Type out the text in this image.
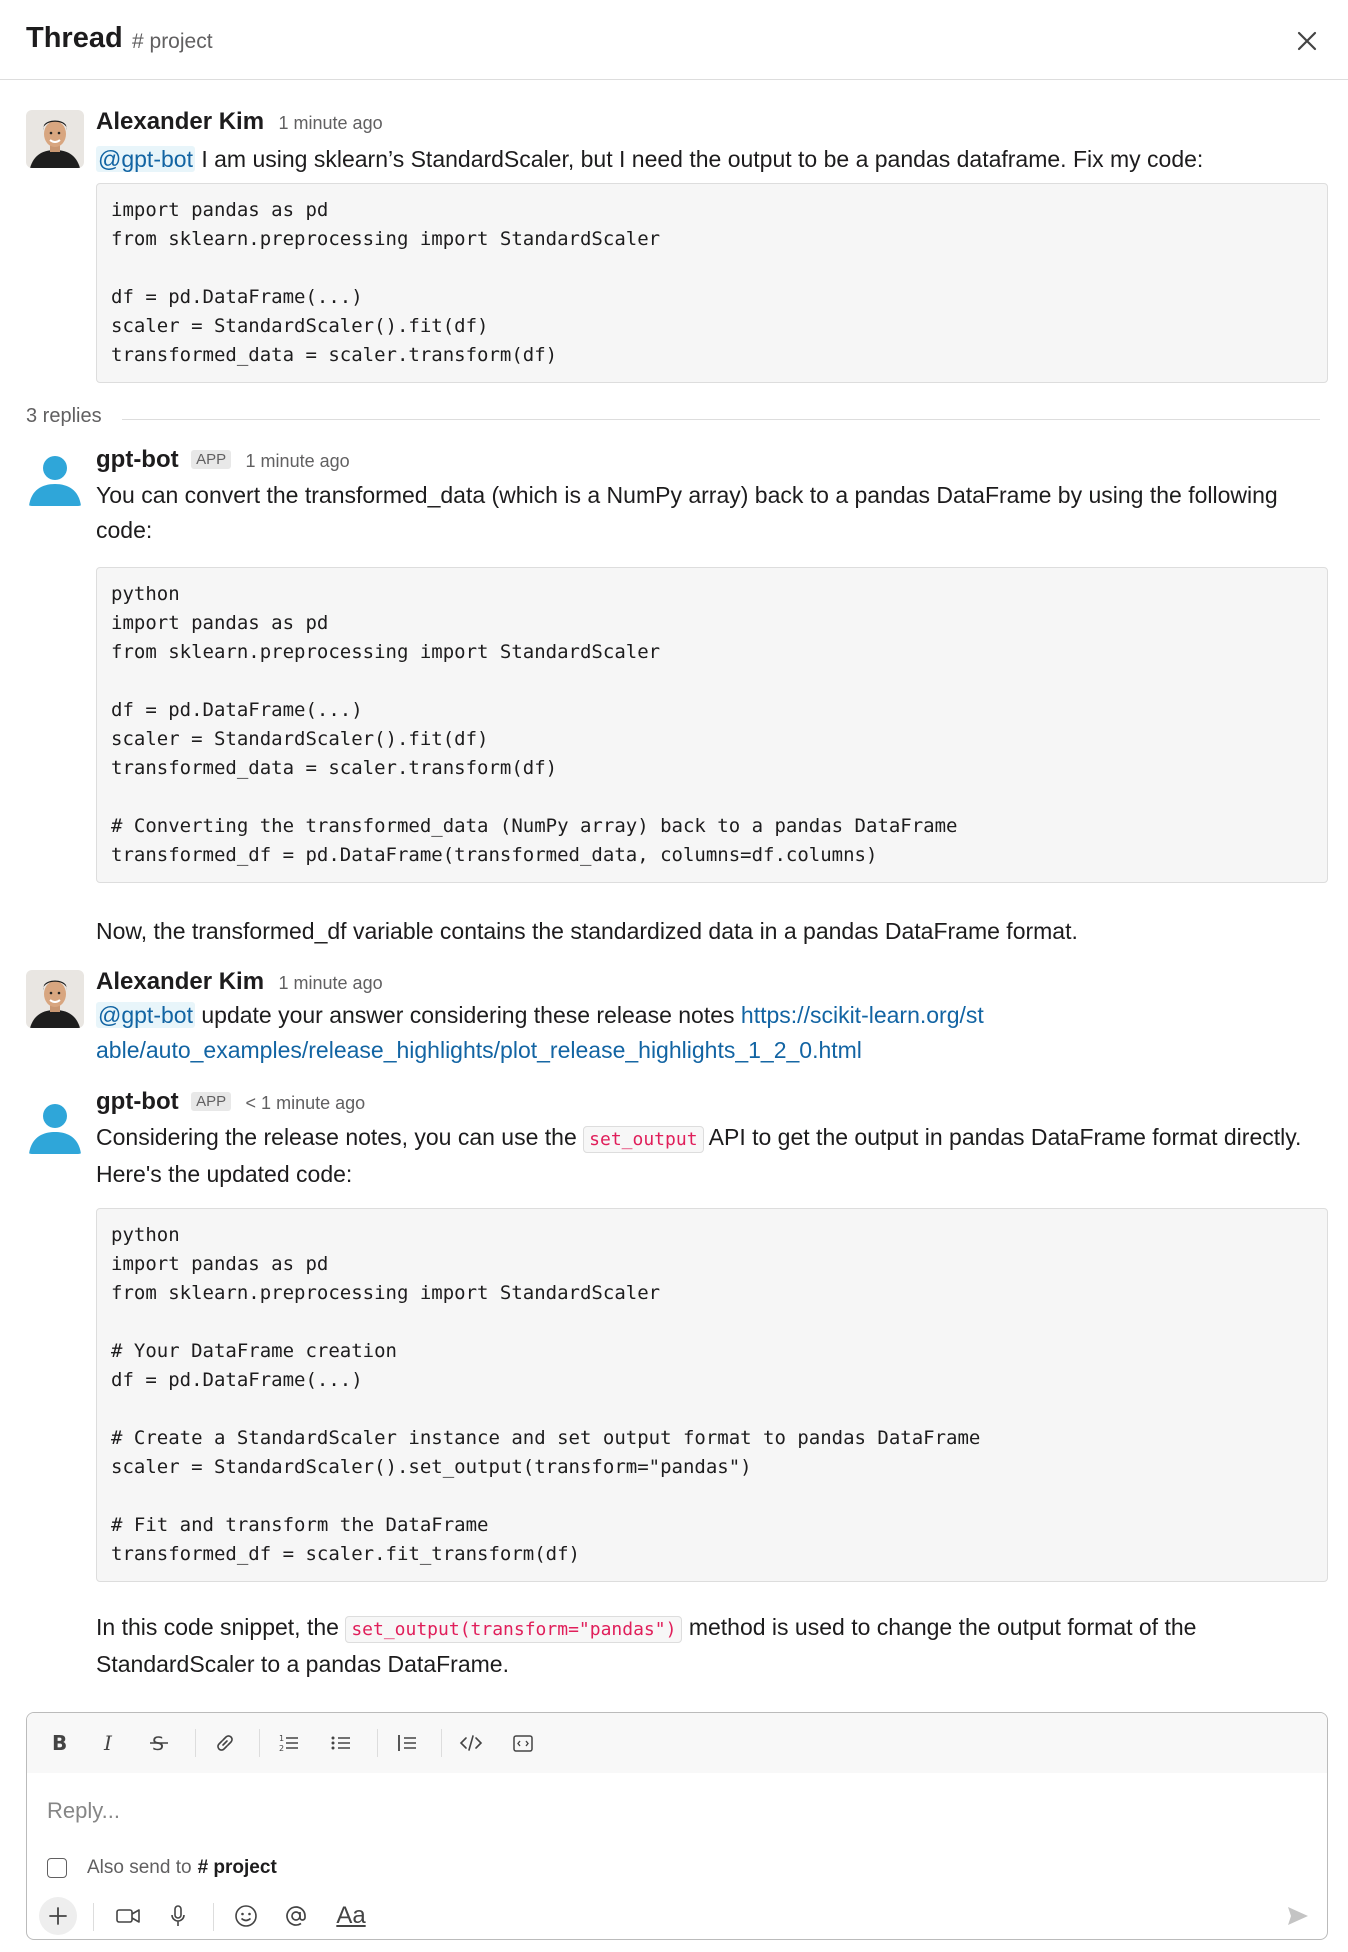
Thread # project
Alexander Kim 1 minute ago
@gpt-bot I am using sklearn’s StandardScaler, but I need the output to be a pandas dataframe. Fix my code:
import pandas as pd
from sklearn.preprocessing import StandardScaler
df = pd.DataFrame(...)
scaler = StandardScaler().fit(df)
transformed_data = scaler.transform(df)
3 replies
gpt-bot APP 1 minute ago
You can convert the transformed_data (which is a NumPy array) back to a pandas DataFrame by using the following code:
python
import pandas as pd
from sklearn.preprocessing import StandardScaler
df = pd.DataFrame(...)
scaler = StandardScaler().fit(df)
transformed_data = scaler.transform(df)
# Converting the transformed_data (NumPy array) back to a pandas DataFrame
transformed_df = pd.DataFrame(transformed_data, columns=df.columns)
Now, the transformed_df variable contains the standardized data in a pandas DataFrame format.
Alexander Kim 1 minute ago
@gpt-bot update your answer considering these release notes https://scikit-learn.org/stable/auto_examples/release_highlights/plot_release_highlights_1_2_0.html
gpt-bot APP < 1 minute ago
Considering the release notes, you can use the set_output API to get the output in pandas DataFrame format directly. Here's the updated code:
python
import pandas as pd
from sklearn.preprocessing import StandardScaler
# Your DataFrame creation
df = pd.DataFrame(...)
# Create a StandardScaler instance and set output format to pandas DataFrame
scaler = StandardScaler().set_output(transform="pandas")
# Fit and transform the DataFrame
transformed_df = scaler.fit_transform(df)
In this code snippet, the set_output(transform="pandas") method is used to change the output format of the StandardScaler to a pandas DataFrame.
B I S	1
2
Reply...
Also send to # project
Aa
